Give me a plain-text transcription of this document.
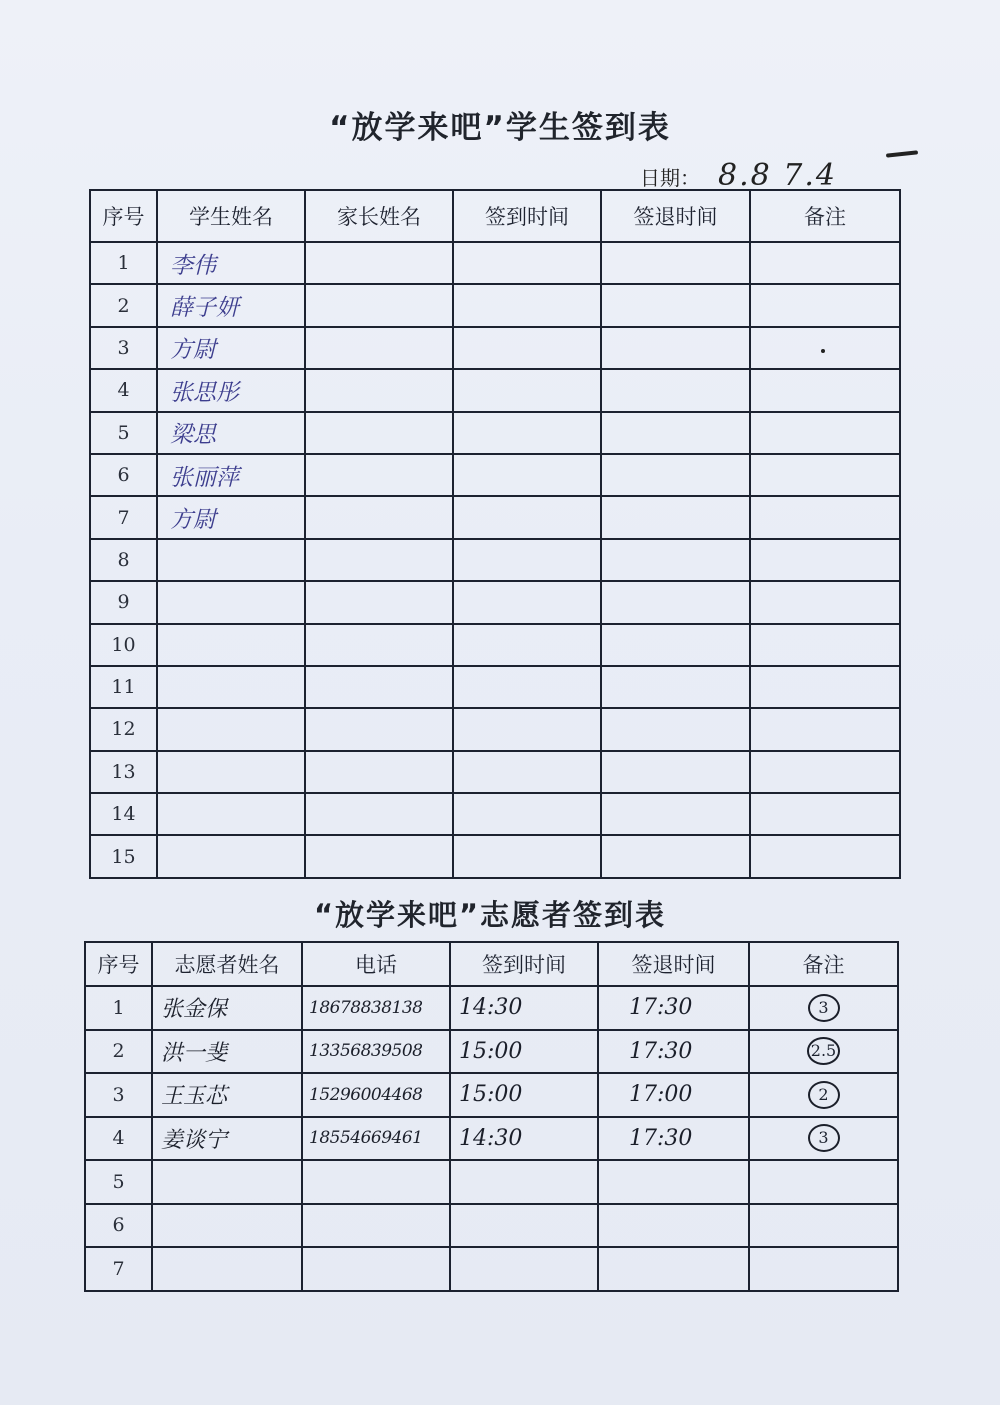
“放学来吧”学生签到表
日期： 8.8 7.4
序号	学生姓名	家长姓名	签到时间	签退时间	备注
1	李伟				
2	薛子妍				
3	方尉				
4	张思彤				
5	梁思				
6	张丽萍				
7	方尉				
8					
9					
10					
11					
12					
13					
14					
15					
“放学来吧”志愿者签到表
序号	志愿者姓名	电话	签到时间	签退时间	备注
1	张金保	18678838138	14:30	17:30	3
2	洪一斐	13356839508	15:00	17:30	2.5
3	王玉芯	15296004468	15:00	17:00	2
4	姜谈宁	18554669461	14:30	17:30	3
5					
6					
7					
